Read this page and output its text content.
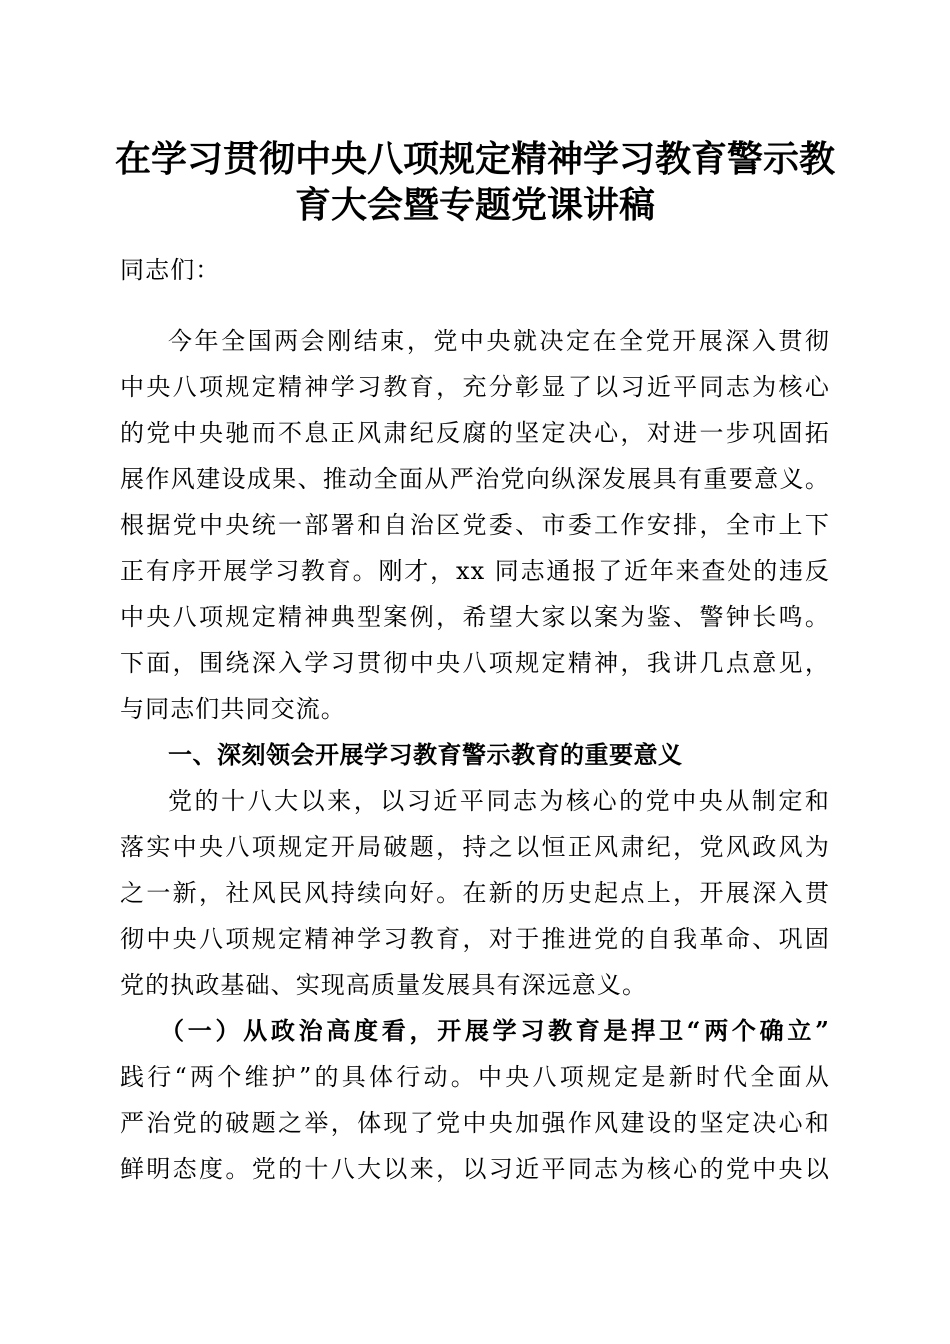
在学习贯彻中央八项规定精神学习教育警示教
育大会暨专题党课讲稿
同志们：
今年全国两会刚结束，党中央就决定在全党开展深入贯彻
中央八项规定精神学习教育，充分彰显了以习近平同志为核心
的党中央驰而不息正风肃纪反腐的坚定决心，对进一步巩固拓
展作风建设成果、推动全面从严治党向纵深发展具有重要意义。
根据党中央统一部署和自治区党委、市委工作安排，全市上下
正有序开展学习教育。刚才，xx 同志通报了近年来查处的违反
中央八项规定精神典型案例，希望大家以案为鉴、警钟长鸣。
下面，围绕深入学习贯彻中央八项规定精神，我讲几点意见，
与同志们共同交流。
一、深刻领会开展学习教育警示教育的重要意义
党的十八大以来，以习近平同志为核心的党中央从制定和
落实中央八项规定开局破题，持之以恒正风肃纪，党风政风为
之一新，社风民风持续向好。在新的历史起点上，开展深入贯
彻中央八项规定精神学习教育，对于推进党的自我革命、巩固
党的执政基础、实现高质量发展具有深远意义。
（一）从政治高度看，开展学习教育是捍卫“两个确立”
践行“两个维护”的具体行动。中央八项规定是新时代全面从
严治党的破题之举，体现了党中央加强作风建设的坚定决心和
鲜明态度。党的十八大以来，以习近平同志为核心的党中央以
